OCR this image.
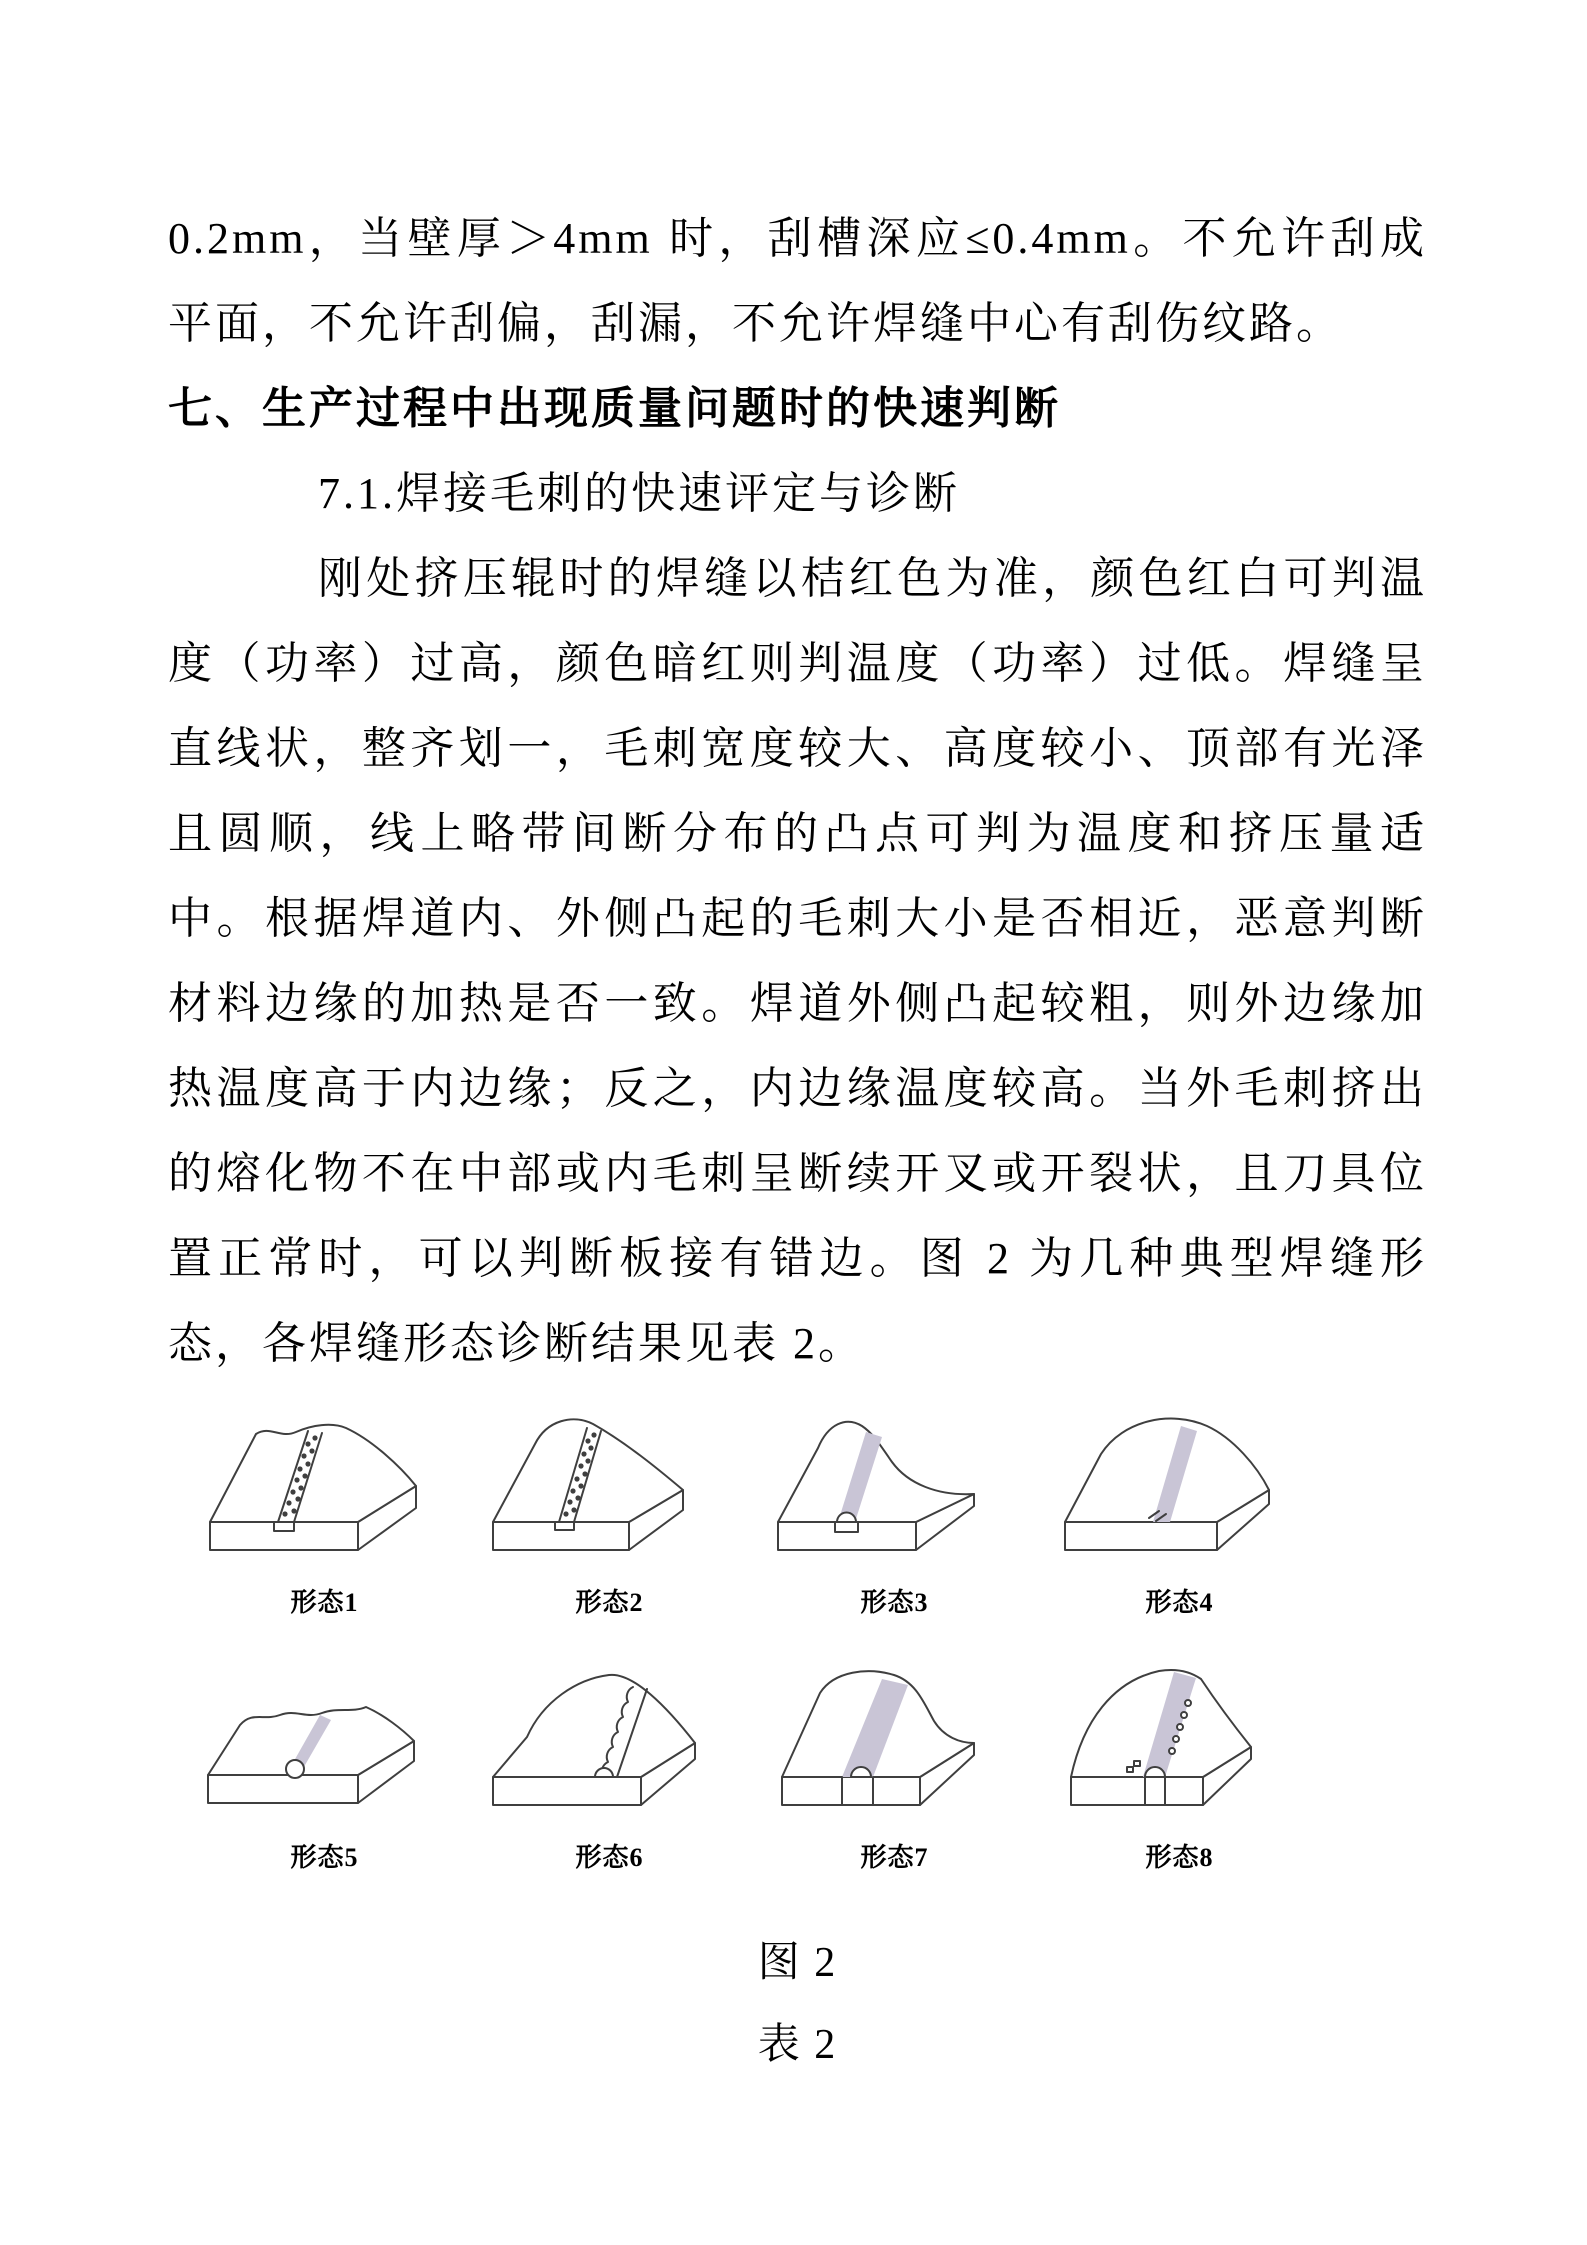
0.2mm，当壁厚＞4mm 时，刮槽深应≤0.4mm。不允许刮成平面，不允许刮偏，刮漏，不允许焊缝中心有刮伤纹路。

七、生产过程中出现质量问题时的快速判断

7.1.焊接毛刺的快速评定与诊断

刚处挤压辊时的焊缝以桔红色为准，颜色红白可判温度（功率）过高，颜色暗红则判温度（功率）过低。焊缝呈直线状，整齐划一，毛刺宽度较大、高度较小、顶部有光泽且圆顺，线上略带间断分布的凸点可判为温度和挤压量适中。根据焊道内、外侧凸起的毛刺大小是否相近，恶意判断材料边缘的加热是否一致。焊道外侧凸起较粗，则外边缘加热温度高于内边缘；反之，内边缘温度较高。当外毛刺挤出的熔化物不在中部或内毛刺呈断续开叉或开裂状，且刀具位置正常时，可以判断板接有错边。图 2 为几种典型焊缝形态，各焊缝形态诊断结果见表 2。

形态1	形态2	形态3	形态4
形态5	形态6	形态7	形态8

图 2

表 2
